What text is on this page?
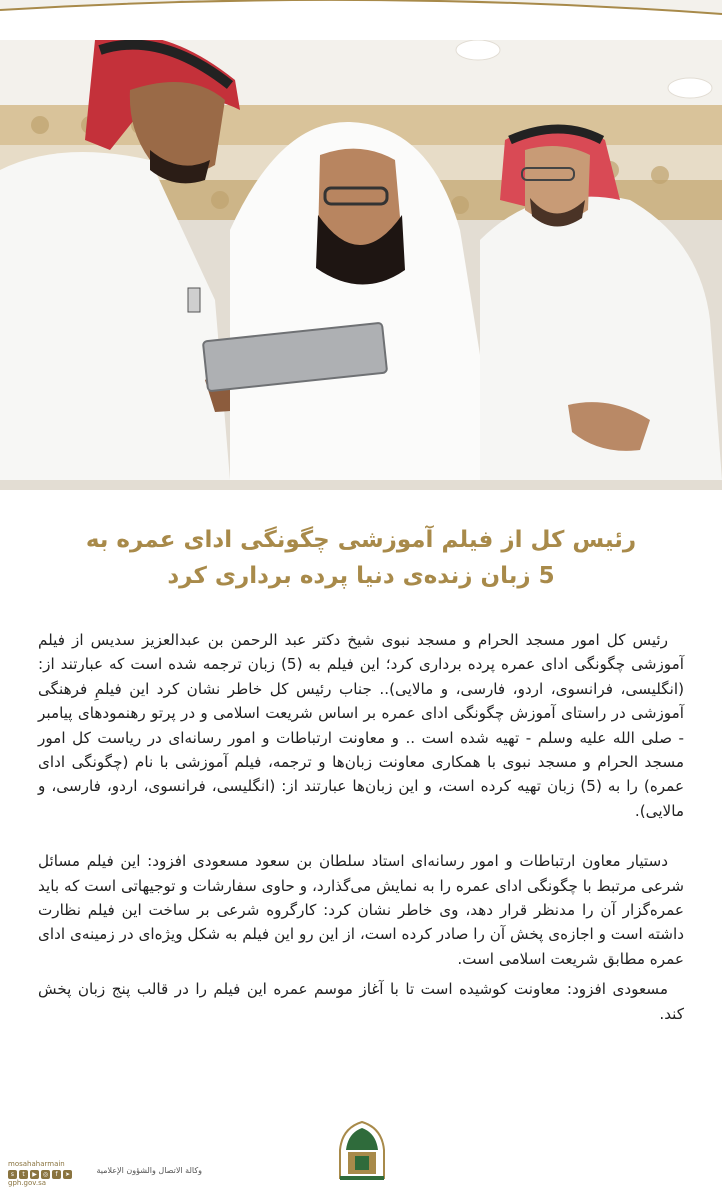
رئیس کل از فیلم آموزشی چگونگی ادای عمره به
5 زبان زنده‌ی دنیا پرده برداری کرد

رئیس کل امور مسجد الحرام و مسجد نبوی شیخ دکتر عبد الرحمن بن عبدالعزیز سدیس از فیلم آموزشی چگونگی ادای عمره پرده برداری کرد؛ این فیلم به (5) زبان ترجمه شده است که عبارتند از: (انگلیسی، فرانسوی، اردو، فارسی، و مالایی).. جناب رئیس کل خاطر نشان کرد این فیلمِ فرهنگی آموزشی در راستای آموزش چگونگی ادای عمره بر اساس شریعت اسلامی و در پرتو رهنمودهای پیامبر - صلی الله علیه وسلم - تهیه شده است .. و معاونت ارتباطات و امور رسانه‌ای در ریاست کل امور مسجد الحرام و مسجد نبوی با همکاری معاونت زبان‌ها و ترجمه، فیلم آموزشی با نام (چگونگی ادای عمره) را به (5) زبان تهیه کرده است، و این زبان‌ها عبارتند از: (انگلیسی، فرانسوی، اردو، فارسی، و مالایی).

دستیار معاون ارتباطات و امور رسانه‌ای استاد سلطان بن سعود مسعودی افزود: این فیلم مسائل شرعی مرتبط با چگونگی ادای عمره را به نمایش می‌گذارد، و حاوی سفارشات و توجیهاتی است که باید عمره‌گزار آن را مدنظر قرار دهد، وی خاطر نشان کرد: کارگروه شرعی بر ساخت این فیلم نظارت داشته است و اجازه‌ی پخش آن را صادر کرده است، از این رو این فیلم به شکل ویژه‌ای در زمینه‌ی ادای عمره مطابق شریعت اسلامی است.

مسعودی افزود: معاونت کوشیده است تا با آغاز موسم عمره این فیلم را در قالب پنج زبان پخش کند.

mosahaharmain
s	t	▶	◎	f	➤
gph.gov.sa
وكالة الاتصال والشؤون الإعلامية
